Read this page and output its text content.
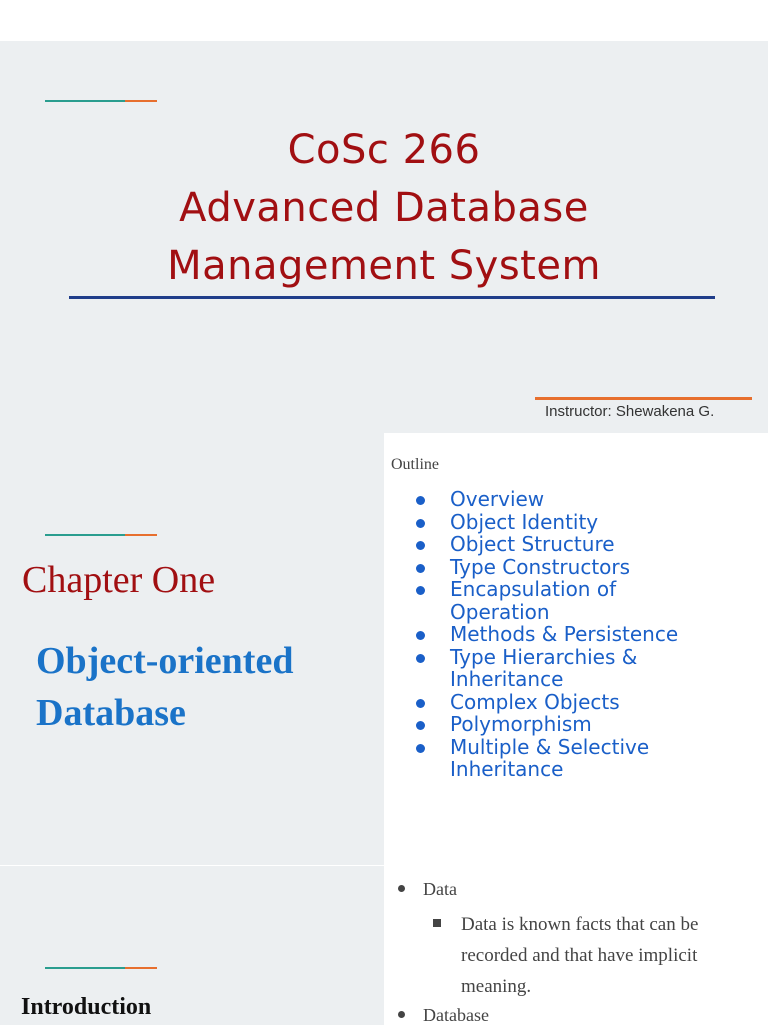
CoSc 266
Advanced Database
Management System
Instructor: Shewakena G.
Chapter One
Object-oriented
Database
Outline
Overview
Object Identity
Object Structure
Type Constructors
Encapsulation of Operation
Methods & Persistence
Type Hierarchies & Inheritance
Complex Objects
Polymorphism
Multiple & Selective Inheritance
Introduction
Data
Data is known facts that can be
recorded and that have implicit
meaning.
Database
